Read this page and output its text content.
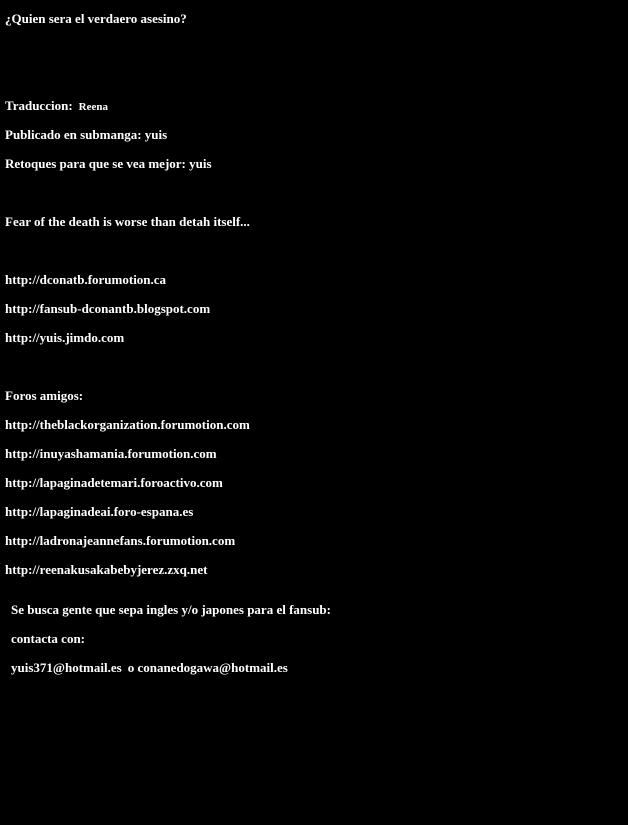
¿Quien sera el verdaero asesino?
Traduccion: Reena
Publicado en submanga: yuis
Retoques para que se vea mejor: yuis
Fear of the death is worse than detah itself...
http://dconatb.forumotion.ca
http://fansub-dconantb.blogspot.com
http://yuis.jimdo.com
Foros amigos:
http://theblackorganization.forumotion.com
http://inuyashamania.forumotion.com
http://lapaginadetemari.foroactivo.com
http://lapaginadeai.foro-espana.es
http://ladronajeannefans.forumotion.com
http://reenakusakabebyjerez.zxq.net
Se busca gente que sepa ingles y/o japones para el fansub:
contacta con:
yuis371@hotmail.es o conanedogawa@hotmail.es
